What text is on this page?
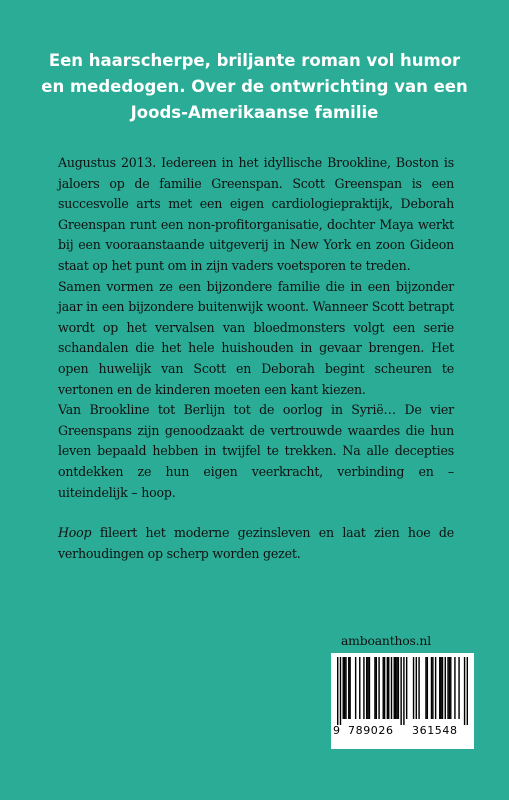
Een haarscherpe, briljante roman vol humor
en mededogen. Over de ontwrichting van een
Joods-Amerikaanse familie

Augustus 2013. Iedereen in het idyllische Brookline, Boston is jaloers op de familie Greenspan. Scott Greenspan is een succesvolle arts met een eigen cardiologiepraktijk, Deborah Greenspan runt een non-profitorganisatie, dochter Maya werkt bij een vooraanstaande uitgeverij in New York en zoon Gideon staat op het punt om in zijn vaders voetsporen te treden.

Samen vormen ze een bijzondere familie die in een bijzonder jaar in een bijzondere buitenwijk woont. Wanneer Scott betrapt wordt op het vervalsen van bloedmonsters volgt een serie schandalen die het hele huishouden in gevaar brengen. Het open huwelijk van Scott en Deborah begint scheuren te vertonen en de kinderen moeten een kant kiezen.

Van Brookline tot Berlijn tot de oorlog in Syrië… De vier Greenspans zijn genoodzaakt de vertrouwde waardes die hun leven bepaald hebben in twijfel te trekken. Na alle decepties ontdekken ze hun eigen veerkracht, verbinding en – uiteindelijk – hoop.

Hoop fileert het moderne gezinsleven en laat zien hoe de verhoudingen op scherp worden gezet.

amboanthos.nl
9 789026 361548
